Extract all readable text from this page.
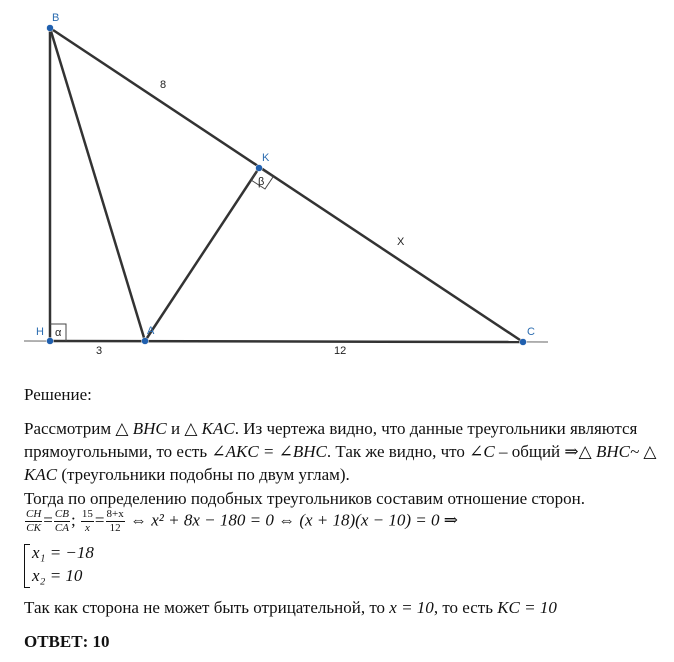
α
β
8
X
3	12
B
K
H	A	C
Решение:
Рассмотрим △ BHC и △ KAC. Из чертежа видно, что данные треугольники являются прямоугольными, то есть ∠AKC = ∠BHC. Так же видно, что ∠C – общий ⇒△ BHC~ △ KAC (треугольники подобны по двум углам).
Тогда по определению подобных треугольников составим отношение сторон.
$\frac{CH}{CK} = \frac{CB}{CA}$ ; $\frac{15}{x} = \frac{8+x}{12}$ ⇔ x² + 8x − 180 = 0 ⇔ (x + 18)(x − 10) = 0 ⇒
x₁ = −18
x₂ = 10
Так как сторона не может быть отрицательной, то x = 10, то есть KC = 10
ОТВЕТ: 10
